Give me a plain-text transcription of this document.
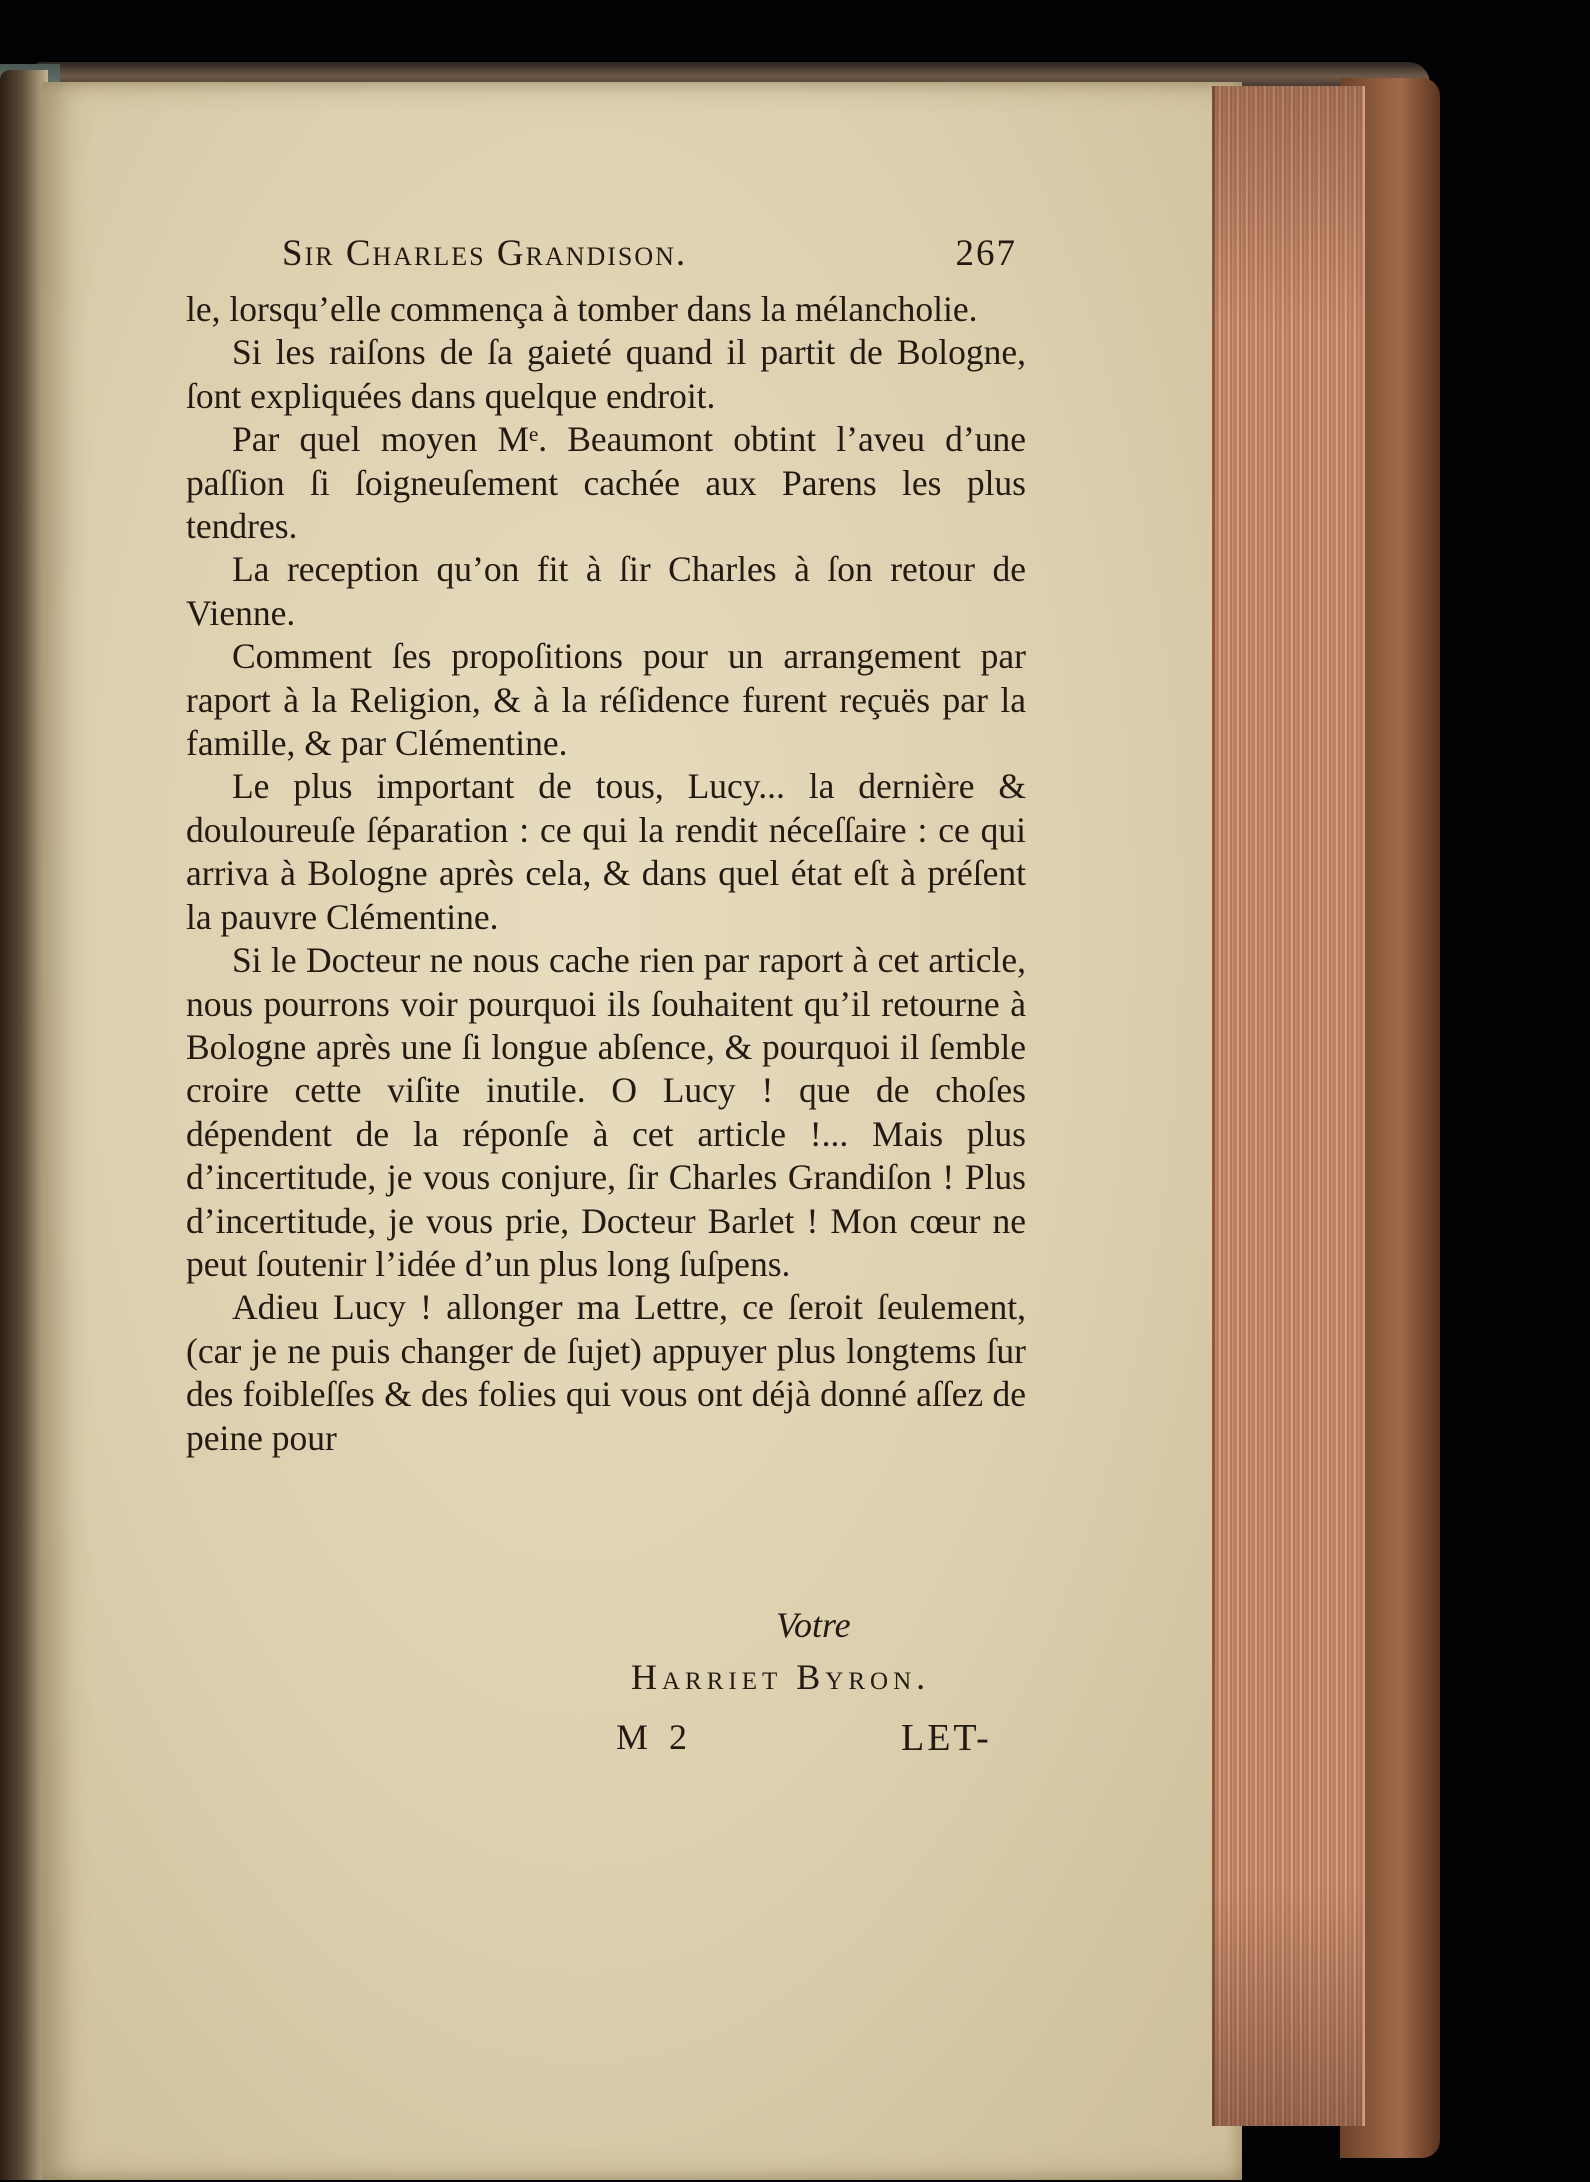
Sir Charles Grandison.	267

le, lorsqu’elle commença à tomber dans la mélancholie.

Si les raiſons de ſa gaieté quand il partit de Bologne, ſont expliquées dans quelque endroit.

Par quel moyen Mᵉ. Beaumont obtint l’aveu d’une paſſion ſi ſoigneuſement cachée aux Parens les plus tendres.

La reception qu’on fit à ſir Charles à ſon retour de Vienne.

Comment ſes propoſitions pour un arrangement par raport à la Religion, & à la réſidence furent reçuës par la famille, & par Clémentine.

Le plus important de tous, Lucy... la dernière & douloureuſe ſéparation : ce qui la rendit néceſſaire : ce qui arriva à Bologne après cela, & dans quel état eſt à préſent la pauvre Clémentine.

Si le Docteur ne nous cache rien par raport à cet article, nous pourrons voir pourquoi ils ſouhaitent qu’il retourne à Bologne après une ſi longue abſence, & pourquoi il ſemble croire cette viſite inutile. O Lucy ! que de choſes dépendent de la réponſe à cet article !... Mais plus d’incertitude, je vous conjure, ſir Charles Grandiſon ! Plus d’incertitude, je vous prie, Docteur Barlet ! Mon cœur ne peut ſoutenir l’idée d’un plus long ſuſpens.

Adieu Lucy ! allonger ma Lettre, ce ſeroit ſeulement, (car je ne puis changer de ſujet) appuyer plus longtems ſur des foibleſſes & des folies qui vous ont déjà donné aſſez de peine pour

Votre
Harriet Byron.
M 2	LET-
